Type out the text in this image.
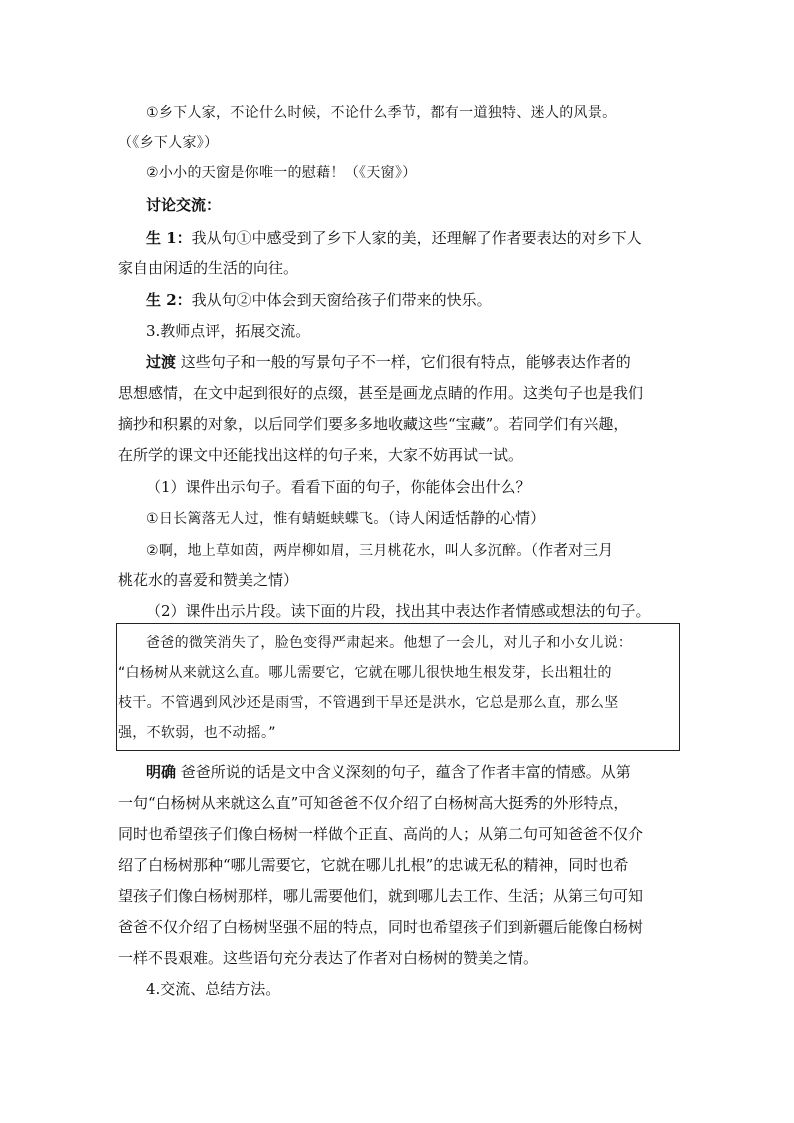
①乡下人家，不论什么时候，不论什么季节，都有一道独特、迷人的风景。
（《乡下人家》）
②小小的天窗是你唯一的慰藉！（《天窗》）
讨论交流：
生 1：我从句①中感受到了乡下人家的美，还理解了作者要表达的对乡下人
家自由闲适的生活的向往。
生 2：我从句②中体会到天窗给孩子们带来的快乐。
3.教师点评，拓展交流。
过渡 这些句子和一般的写景句子不一样，它们很有特点，能够表达作者的
思想感情，在文中起到很好的点缀，甚至是画龙点睛的作用。这类句子也是我们
摘抄和积累的对象，以后同学们要多多地收藏这些“宝藏”。若同学们有兴趣，
在所学的课文中还能找出这样的句子来，大家不妨再试一试。
（1）课件出示句子。看看下面的句子，你能体会出什么？
①日长篱落无人过，惟有蜻蜓蛱蝶飞。（诗人闲适恬静的心情）
②啊，地上草如茵，两岸柳如眉，三月桃花水，叫人多沉醉。（作者对三月
桃花水的喜爱和赞美之情）
（2）课件出示片段。读下面的片段，找出其中表达作者情感或想法的句子。
爸爸的微笑消失了，脸色变得严肃起来。他想了一会儿，对儿子和小女儿说：
“白杨树从来就这么直。哪儿需要它，它就在哪儿很快地生根发芽，长出粗壮的
枝干。不管遇到风沙还是雨雪，不管遇到干旱还是洪水，它总是那么直，那么坚
强，不软弱，也不动摇。”
明确 爸爸所说的话是文中含义深刻的句子，蕴含了作者丰富的情感。从第
一句“白杨树从来就这么直”可知爸爸不仅介绍了白杨树高大挺秀的外形特点，
同时也希望孩子们像白杨树一样做个正直、高尚的人；从第二句可知爸爸不仅介
绍了白杨树那种“哪儿需要它，它就在哪儿扎根”的忠诚无私的精神，同时也希
望孩子们像白杨树那样，哪儿需要他们，就到哪儿去工作、生活；从第三句可知
爸爸不仅介绍了白杨树坚强不屈的特点，同时也希望孩子们到新疆后能像白杨树
一样不畏艰难。这些语句充分表达了作者对白杨树的赞美之情。
4.交流、总结方法。
